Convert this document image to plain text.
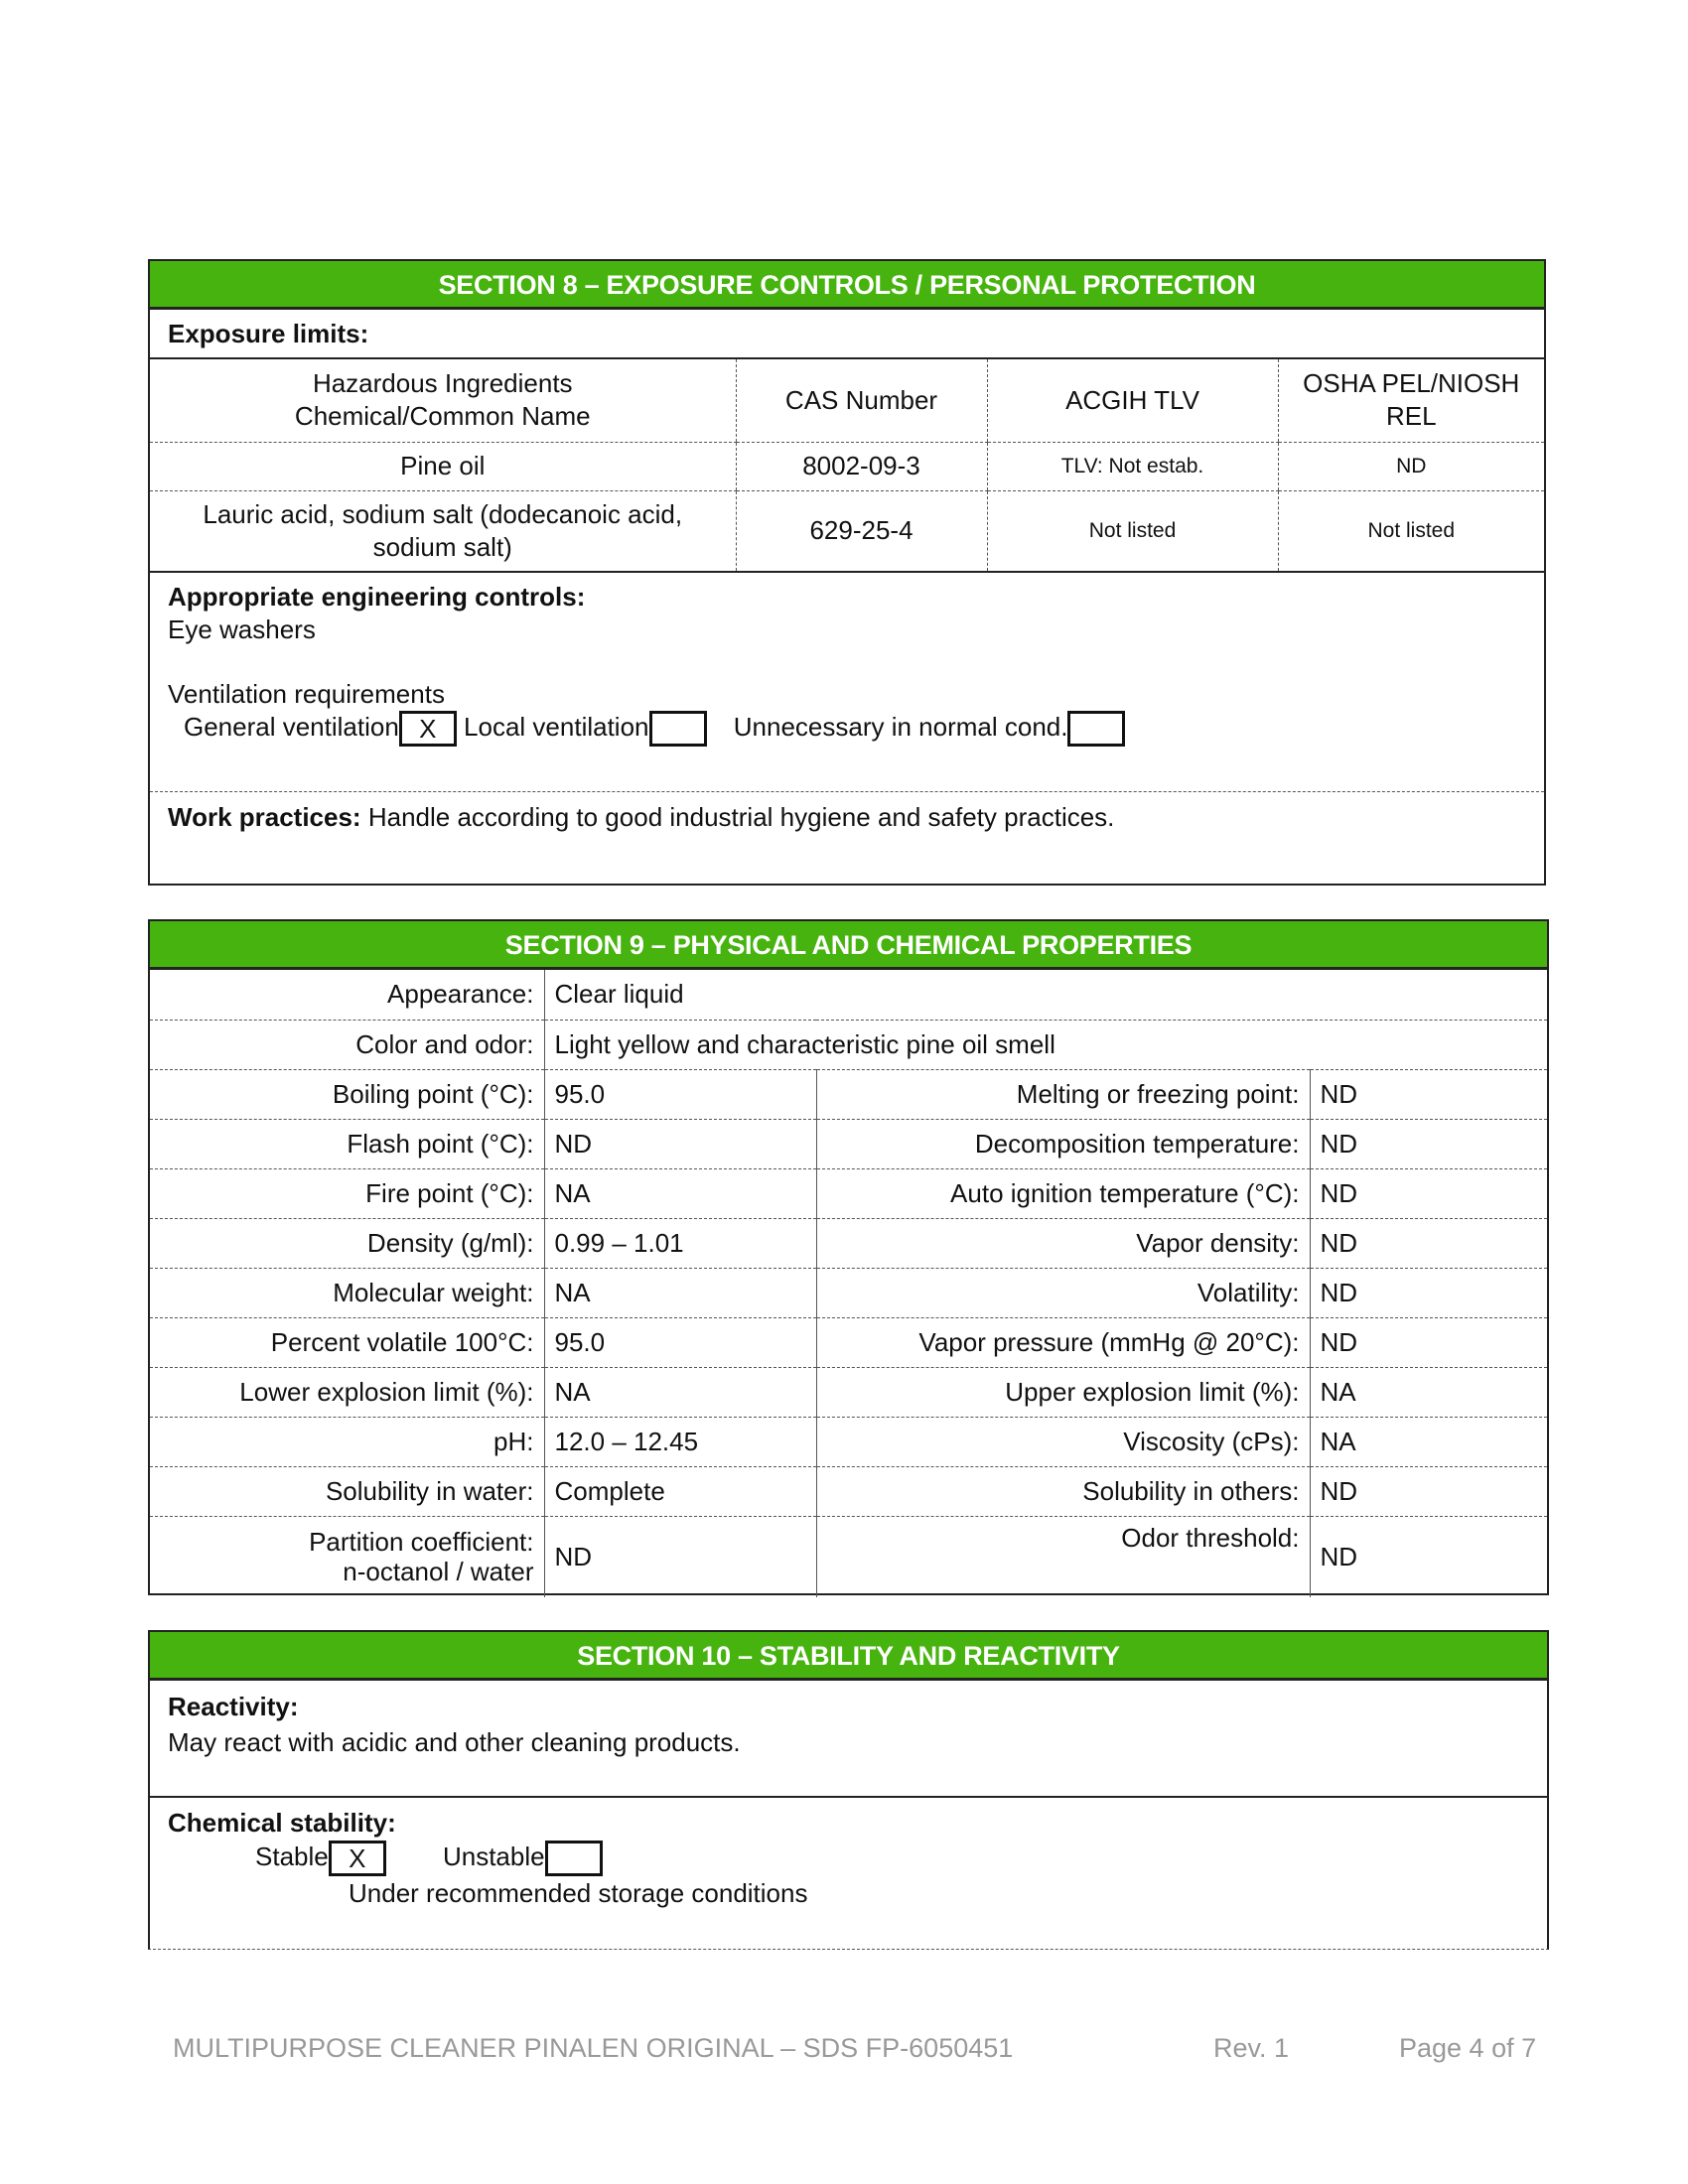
SECTION 8 – EXPOSURE CONTROLS / PERSONAL PROTECTION
Exposure limits:
Hazardous Ingredients Chemical/Common Name	CAS Number	ACGIH TLV	OSHA PEL/NIOSH REL
Pine oil	8002-09-3	TLV: Not estab.	ND
Lauric acid, sodium salt (dodecanoic acid, sodium salt)	629-25-4	Not listed	Not listed
Appropriate engineering controls:
Eye washers
Ventilation requirements
General ventilation X Local ventilation	Unnecessary in normal cond.
Work practices: Handle according to good industrial hygiene and safety practices.
SECTION 9 – PHYSICAL AND CHEMICAL PROPERTIES
Appearance:	Clear liquid		
Color and odor:	Light yellow and characteristic pine oil smell		
Boiling point (°C):	95.0	Melting or freezing point:	ND
Flash point (°C):	ND	Decomposition temperature:	ND
Fire point (°C):	NA	Auto ignition temperature (°C):	ND
Density (g/ml):	0.99 – 1.01	Vapor density:	ND
Molecular weight:	NA	Volatility:	ND
Percent volatile 100°C:	95.0	Vapor pressure (mmHg @ 20°C):	ND
Lower explosion limit (%):	NA	Upper explosion limit (%):	NA
pH:	12.0 – 12.45	Viscosity (cPs):	NA
Solubility in water:	Complete	Solubility in others:	ND

Partition coefficient:
n-octanol / water	ND	Odor threshold:	ND
SECTION 10 – STABILITY AND REACTIVITY
Reactivity:
May react with acidic and other cleaning products.
Chemical stability:
Stable X	Unstable
Under recommended storage conditions
MULTIPURPOSE CLEANER PINALEN ORIGINAL – SDS FP-6050451	Rev. 1	Page 4 of 7
